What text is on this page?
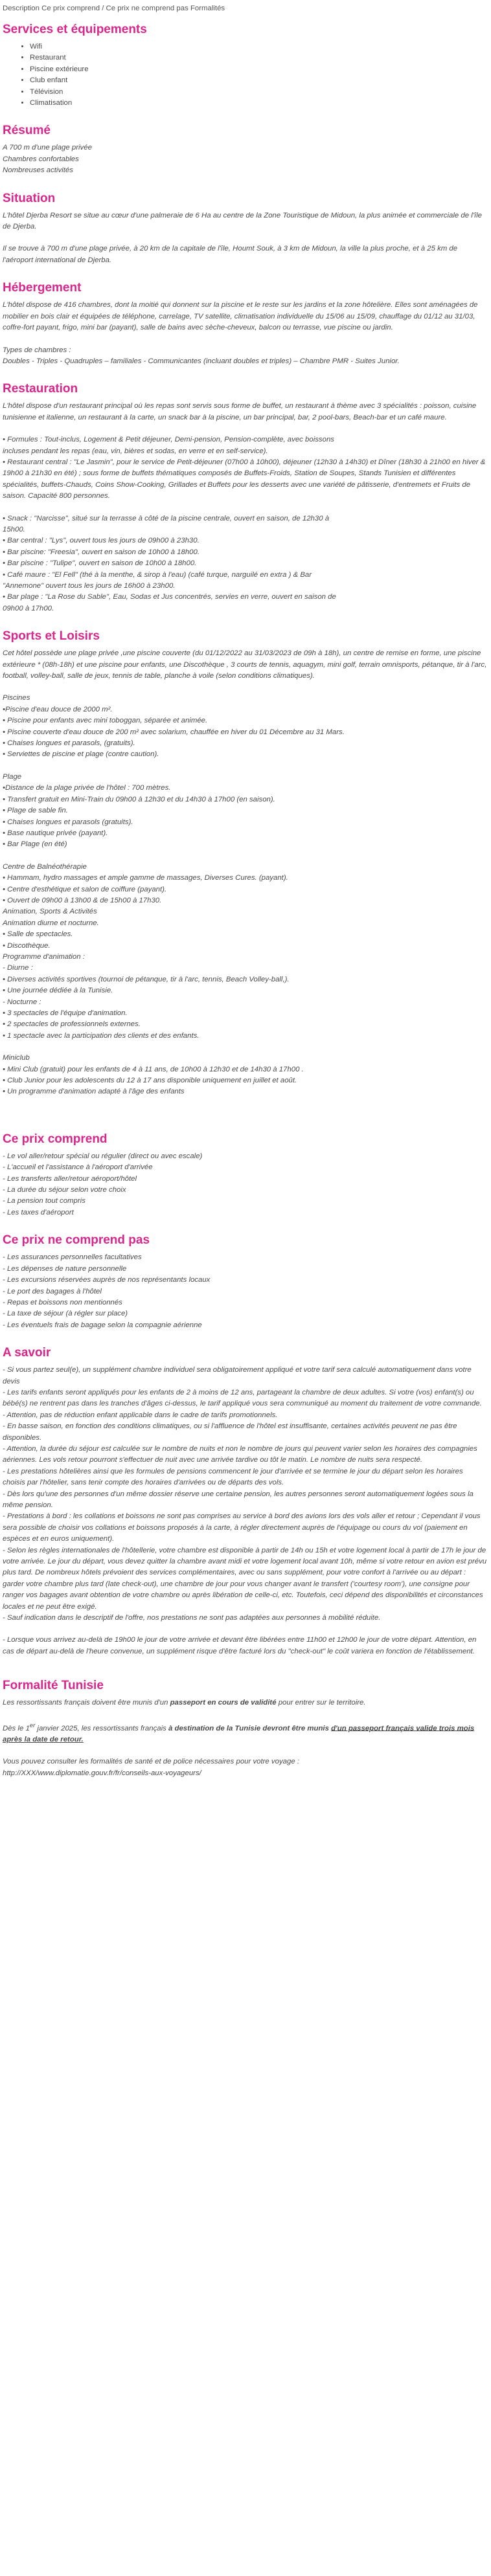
Description Ce prix comprend / Ce prix ne comprend pas Formalités
Services et équipements
• Wifi
• Restaurant
• Piscine extérieure
• Club enfant
• Télévision
• Climatisation
Résumé

A 700 m d'une plage privée

Chambres confortables

Nombreuses activités

Situation

L'hôtel Djerba Resort se situe au cœur d'une palmeraie de 6 Ha au centre de la Zone Touristique de Midoun, la plus animée et commerciale de l'île de Djerba.

Il se trouve à 700 m d'une plage privée, à 20 km de la capitale de l'île, Houmt Souk, à 3 km de Midoun, la ville la plus proche, et à 25 km de l'aéroport international de Djerba.

Hébergement

L'hôtel dispose de 416 chambres, dont la moitié qui donnent sur la piscine et le reste sur les jardins et la zone hôtelière. Elles sont aménagées de mobilier en bois clair et équipées de téléphone, carrelage, TV satellite, climatisation individuelle du 15/06 au 15/09, chauffage du 01/12 au 31/03, coffre-fort payant, frigo, mini bar (payant), salle de bains avec sèche-cheveux, balcon ou terrasse, vue piscine ou jardin.

Types de chambres :

Doubles - Triples - Quadruples – familiales - Communicantes (incluant doubles et triples) – Chambre PMR - Suites Junior.

Restauration

L'hôtel dispose d'un restaurant principal où les repas sont servis sous forme de buffet, un restaurant à thème avec 3 spécialités : poisson, cuisine tunisienne et italienne, un restaurant à la carte, un snack bar à la piscine, un bar principal, bar, 2 pool-bars, Beach-bar et un café maure.

• Formules : Tout-inclus, Logement & Petit déjeuner, Demi-pension, Pension-complète, avec boissons

incluses pendant les repas (eau, vin, bières et sodas, en verre et en self-service).

• Restaurant central : "Le Jasmin", pour le service de Petit-déjeuner (07h00 à 10h00), déjeuner (12h30 à 14h30) et Dîner (18h30 à 21h00 en hiver & 19h00 à 21h30 en été) ; sous forme de buffets thématiques composés de Buffets-Froids, Station de Soupes, Stands Tunisien et différentes spécialités, buffets-Chauds, Coins Show-Cooking, Grillades et Buffets pour les desserts avec une variété de pâtisserie, d'entremets et Fruits de saison. Capacité 800 personnes.

• Snack : "Narcisse", situé sur la terrasse à côté de la piscine centrale, ouvert en saison, de 12h30 à

15h00.

• Bar central : "Lys", ouvert tous les jours de 09h00 à 23h30.

• Bar piscine: "Freesia", ouvert en saison de 10h00 à 18h00.

• Bar piscine : "Tulipe", ouvert en saison de 10h00 à 18h00.

• Café maure : "El Fell" (thé à la menthe, & sirop à l'eau) (café turque, narguilé en extra ) & Bar

"Annemone" ouvert tous les jours de 16h00 à 23h00.

• Bar plage : "La Rose du Sable", Eau, Sodas et Jus concentrés, servies en verre, ouvert en saison de

09h00 à 17h00.

Sports et Loisirs

Cet hôtel possède une plage privée ,une piscine couverte (du 01/12/2022 au 31/03/2023 de 09h à 18h), un centre de remise en forme, une piscine extérieure * (08h-18h) et une piscine pour enfants, une Discothèque , 3 courts de tennis, aquagym, mini golf, terrain omnisports, pétanque, tir à l'arc, football, volley-ball, salle de jeux, tennis de table, planche à voile (selon conditions climatiques).

Piscines

•Piscine d'eau douce de 2000 m².

• Piscine pour enfants avec mini toboggan, séparée et animée.

• Piscine couverte d'eau douce de 200 m² avec solarium, chauffée en hiver du 01 Décembre au 31 Mars.

• Chaises longues et parasols, (gratuits).

• Serviettes de piscine et plage (contre caution).

Plage

•Distance de la plage privée de l'hôtel : 700 mètres.

• Transfert gratuit en Mini-Train du 09h00 à 12h30 et du 14h30 à 17h00 (en saison).

• Plage de sable fin.

• Chaises longues et parasols (gratuits).

• Base nautique privée (payant).

• Bar Plage (en été)

Centre de Balnéothérapie

• Hammam, hydro massages et ample gamme de massages, Diverses Cures. (payant).

• Centre d'esthétique et salon de coiffure (payant).

• Ouvert de 09h00 à 13h00 & de 15h00 à 17h30.

Animation, Sports & Activités

Animation diurne et nocturne.

• Salle de spectacles.

• Discothèque.

Programme d'animation :

- Diurne :

• Diverses activités sportives (tournoi de pétanque, tir à l'arc, tennis, Beach Volley-ball,).

• Une journée dédiée à la Tunisie.

- Nocturne :

• 3 spectacles de l'équipe d'animation.

• 2 spectacles de professionnels externes.

• 1 spectacle avec la participation des clients et des enfants.

Miniclub

• Mini Club (gratuit) pour les enfants de 4 à 11 ans, de 10h00 à 12h30 et de 14h30 à 17h00 .

• Club Junior pour les adolescents du 12 à 17 ans disponible uniquement en juillet et août.

• Un programme d'animation adapté à l'âge des enfants

Ce prix comprend

- Le vol aller/retour spécial ou régulier (direct ou avec escale)

- L'accueil et l'assistance à l'aéroport d'arrivée

- Les transferts aller/retour aéroport/hôtel

- La durée du séjour selon votre choix

- La pension tout compris

- Les taxes d'aéroport

Ce prix ne comprend pas

- Les assurances personnelles facultatives

- Les dépenses de nature personnelle

- Les excursions réservées auprès de nos représentants locaux

- Le port des bagages à l'hôtel

- Repas et boissons non mentionnés

- La taxe de séjour (à régler sur place)

- Les éventuels frais de bagage selon la compagnie aérienne

A savoir

- Si vous partez seul(e), un supplément chambre individuel sera obligatoirement appliqué et votre tarif sera calculé automatiquement dans votre devis

- Les tarifs enfants seront appliqués pour les enfants de 2 à moins de 12 ans, partageant la chambre de deux adultes. Si votre (vos) enfant(s) ou bébé(s) ne rentrent pas dans les tranches d'âges ci-dessus, le tarif appliqué vous sera communiqué au moment du traitement de votre commande.

- Attention, pas de réduction enfant applicable dans le cadre de tarifs promotionnels.

- En basse saison, en fonction des conditions climatiques, ou si l'affluence de l'hôtel est insuffisante, certaines activités peuvent ne pas être disponibles.

- Attention, la durée du séjour est calculée sur le nombre de nuits et non le nombre de jours qui peuvent varier selon les horaires des compagnies aériennes. Les vols retour pourront s'effectuer de nuit avec une arrivée tardive ou tôt le matin. Le nombre de nuits sera respecté.

- Les prestations hôtelières ainsi que les formules de pensions commencent le jour d'arrivée et se termine le jour du départ selon les horaires choisis par l'hôtelier, sans tenir compte des horaires d'arrivées ou de départs des vols.

- Dès lors qu'une des personnes d'un même dossier réserve une certaine pension, les autres personnes seront automatiquement logées sous la même pension.

- Prestations à bord : les collations et boissons ne sont pas comprises au service à bord des avions lors des vols aller et retour ; Cependant il vous sera possible de choisir vos collations et boissons proposés à la carte, à régler directement auprès de l'équipage ou cours du vol (paiement en espèces et en euros uniquement).

- Selon les règles internationales de l'hôtellerie, votre chambre est disponible à partir de 14h ou 15h et votre logement local à partir de 17h le jour de votre arrivée. Le jour du départ, vous devez quitter la chambre avant midi et votre logement local avant 10h, même si votre retour en avion est prévu plus tard. De nombreux hôtels prévoient des services complémentaires, avec ou sans supplément, pour votre confort à l'arrivée ou au départ : garder votre chambre plus tard (late check-out), une chambre de jour pour vous changer avant le transfert ('courtesy room'), une consigne pour ranger vos bagages avant obtention de votre chambre ou après libération de celle-ci, etc. Toutefois, ceci dépend des disponibilités et circonstances locales et ne peut être exigé.

- Sauf indication dans le descriptif de l'offre, nos prestations ne sont pas adaptées aux personnes à mobilité réduite.

- Lorsque vous arrivez au-delà de 19h00 le jour de votre arrivée et devant être libérées entre 11h00 et 12h00 le jour de votre départ. Attention, en cas de départ au-delà de l'heure convenue, un supplément risque d'être facturé lors du "check-out" le coût variera en fonction de l'établissement.

Formalité Tunisie

Les ressortissants français doivent être munis d'un passeport en cours de validité pour entrer sur le territoire.

Dès le 1er janvier 2025, les ressortissants français à destination de la Tunisie devront être munis d'un passeport français valide trois mois après la date de retour.

Vous pouvez consulter les formalités de santé et de police nécessaires pour votre voyage :

http://XXX/www.diplomatie.gouv.fr/fr/conseils-aux-voyageurs/
